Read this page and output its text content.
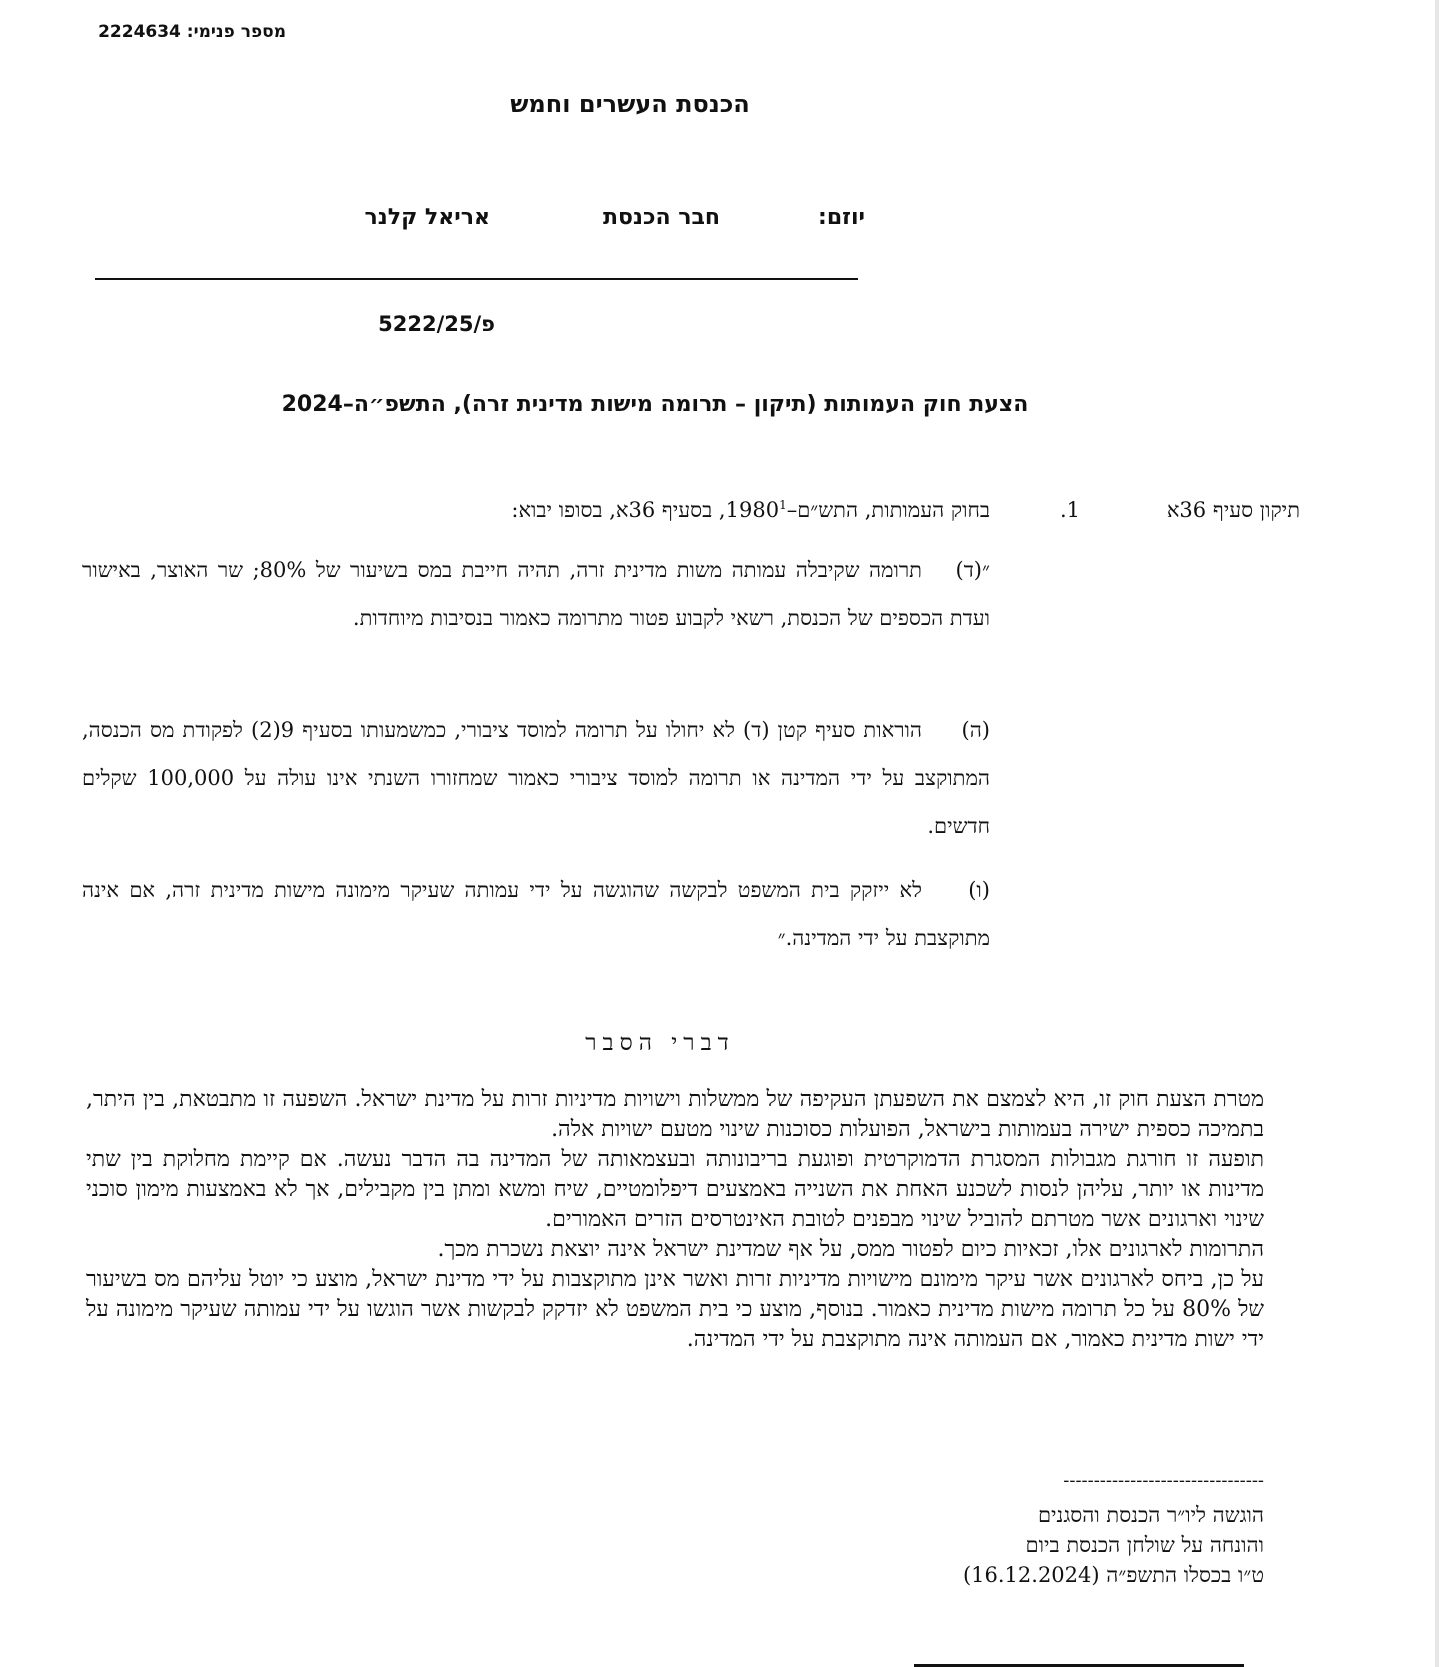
מספר פנימי: 2224634
הכנסת העשרים וחמש
יוזם:
חבר הכנסת
אריאל קלנר
פ/5222/25
הצעת חוק העמותות (תיקון – תרומה מישות מדינית זרה), התשפ״ה–2024
תיקון סעיף 36א
1.
בחוק העמותות, התש״ם–1980$^1$, בסעיף 36א, בסופו יבוא:
״(ד)תרומה שקיבלה עמותה משות מדינית זרה, תהיה חייבת במס בשיעור של 80%; שר האוצר, באישור ועדת הכספים של הכנסת, רשאי לקבוע פטור מתרומה כאמור בנסיבות מיוחדות.
(ה)הוראות סעיף קטן (ד) לא יחולו על תרומה למוסד ציבורי, כמשמעותו בסעיף 9(2) לפקודת מס הכנסה, המתוקצב על ידי המדינה או תרומה למוסד ציבורי כאמור שמחזורו השנתי אינו עולה על 100,000 שקלים חדשים.
(ו)לא ייזקק בית המשפט לבקשה שהוגשה על ידי עמותה שעיקר מימונה מישות מדינית זרה, אם אינה מתוקצבת על ידי המדינה.״
דברי הסבר

מטרת הצעת חוק זו, היא לצמצם את השפעתן העקיפה של ממשלות וישויות מדיניות זרות על מדינת ישראל. השפעה זו מתבטאת, בין היתר, בתמיכה כספית ישירה בעמותות בישראל, הפועלות כסוכנות שינוי מטעם ישויות אלה.

תופעה זו חורגת מגבולות המסגרת הדמוקרטית ופוגעת בריבונותה ובעצמאותה של המדינה בה הדבר נעשה. אם קיימת מחלוקת בין שתי מדינות או יותר, עליהן לנסות לשכנע האחת את השנייה באמצעים דיפלומטיים, שיח ומשא ומתן בין מקבילים, אך לא באמצעות מימון סוכני שינוי וארגונים אשר מטרתם להוביל שינוי מבפנים לטובת האינטרסים הזרים האמורים.

התרומות לארגונים אלו, זכאיות כיום לפטור ממס, על אף שמדינת ישראל אינה יוצאת נשכרת מכך.

על כן, ביחס לארגונים אשר עיקר מימונם מישויות מדיניות זרות ואשר אינן מתוקצבות על ידי מדינת ישראל, מוצע כי יוטל עליהם מס בשיעור של 80% על כל תרומה מישות מדינית כאמור. בנוסף, מוצע כי בית המשפט לא יזדקק לבקשות אשר הוגשו על ידי עמותה שעיקר מימונה על ידי ישות מדינית כאמור, אם העמותה אינה מתוקצבת על ידי המדינה.

---------------------------------
הוגשה ליו״ר הכנסת והסגנים
והונחה על שולחן הכנסת ביום
ט״ו בכסלו התשפ״ה (16.12.2024)
